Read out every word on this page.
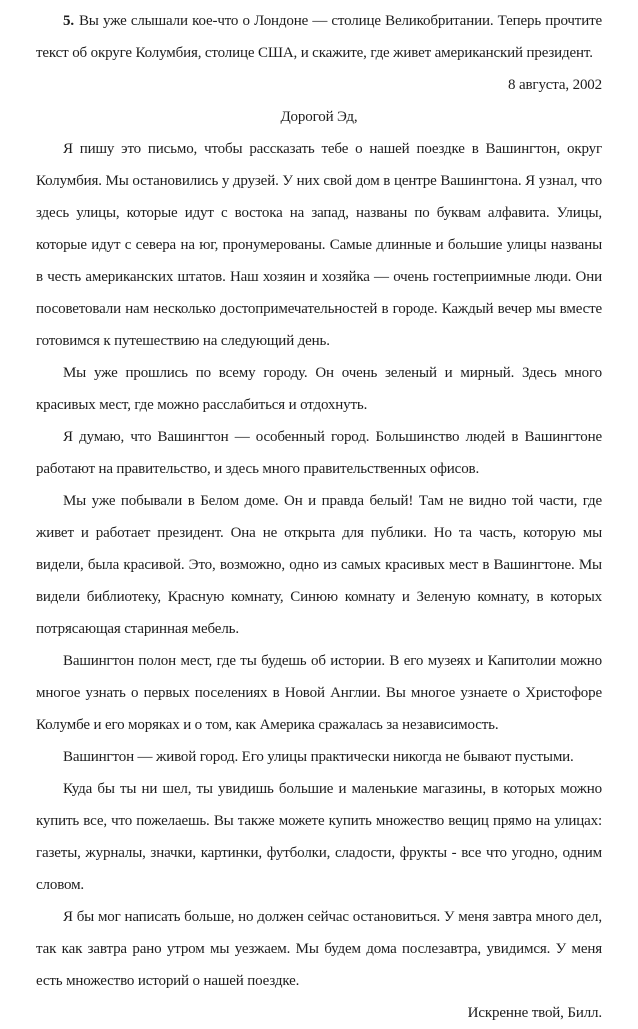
5. Вы уже слышали кое-что о Лондоне — столице Великобритании. Теперь прочтите текст об округе Колумбия, столице США, и скажите, где живет американский президент.

8 августа, 2002

Дорогой Эд,

Я пишу это письмо, чтобы рассказать тебе о нашей поездке в Вашингтон, округ Колумбия. Мы остановились у друзей. У них свой дом в центре Вашингтона. Я узнал, что здесь улицы, которые идут с востока на запад, названы по буквам алфавита. Улицы, которые идут с севера на юг, пронумерованы. Самые длинные и большие улицы названы в честь американских штатов. Наш хозяин и хозяйка — очень гостеприимные люди. Они посоветовали нам несколько достопримечательностей в городе. Каждый вечер мы вместе готовимся к путешествию на следующий день.

Мы уже прошлись по всему городу. Он очень зеленый и мирный. Здесь много красивых мест, где можно расслабиться и отдохнуть.

Я думаю, что Вашингтон — особенный город. Большинство людей в Вашингтоне работают на правительство, и здесь много правительственных офисов.

Мы уже побывали в Белом доме. Он и правда белый! Там не видно той части, где живет и работает президент. Она не открыта для публики. Но та часть, которую мы видели, была красивой. Это, возможно, одно из самых красивых мест в Вашингтоне. Мы видели библиотеку, Красную комнату, Синюю комнату и Зеленую комнату, в которых потрясающая старинная мебель.

Вашингтон полон мест, где ты будешь об истории. В его музеях и Капитолии можно многое узнать о первых поселениях в Новой Англии. Вы многое узнаете о Христофоре Колумбе и его моряках и о том, как Америка сражалась за независимость.

Вашингтон — живой город. Его улицы практически никогда не бывают пустыми.

Куда бы ты ни шел, ты увидишь большие и маленькие магазины, в которых можно купить все, что пожелаешь. Вы также можете купить множество вещиц прямо на улицах: газеты, журналы, значки, картинки, футболки, сладости, фрукты - все что угодно, одним словом.

Я бы мог написать больше, но должен сейчас остановиться. У меня завтра много дел, так как завтра рано утром мы уезжаем. Мы будем дома послезавтра, увидимся. У меня есть множество историй о нашей поездке.

Искренне твой, Билл.
